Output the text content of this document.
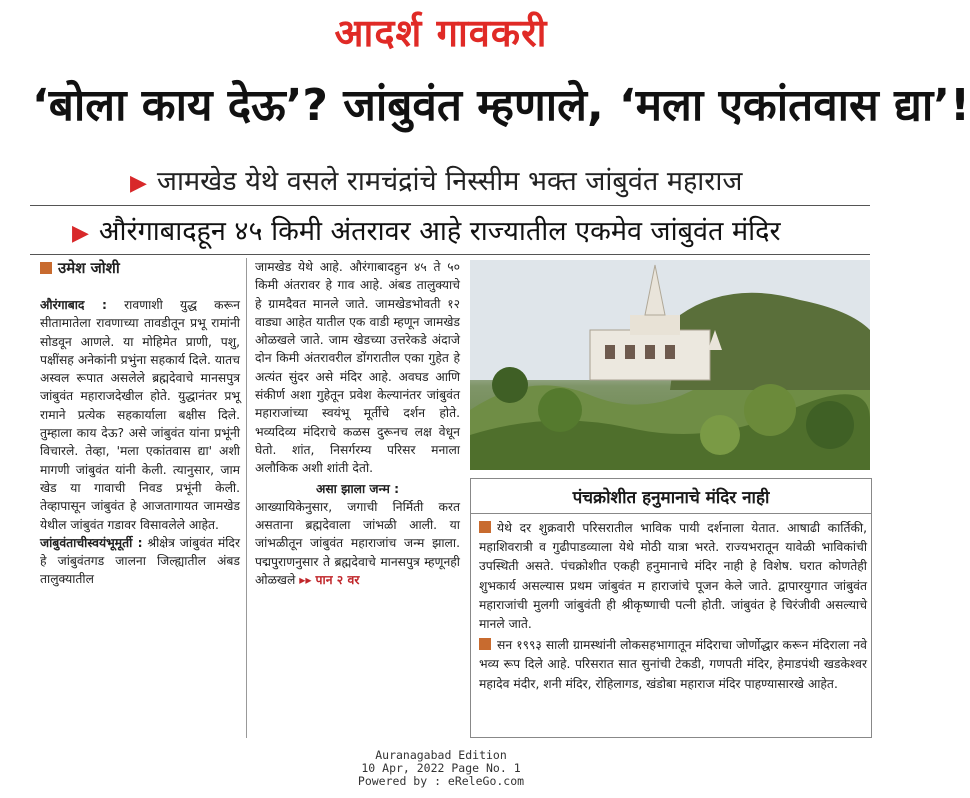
आदर्श गावकरी
‘बोला काय देऊ’? जांबुवंत म्हणाले, ‘मला एकांतवास द्या’!
▶ जामखेड येथे वसले रामचंद्रांचे निस्सीम भक्त जांबुवंत महाराज
▶ औरंगाबादहून ४५ किमी अंतरावर आहे राज्यातील एकमेव जांबुवंत मंदिर
उमेश जोशी

औरंगाबाद : रावणाशी युद्ध करून सीतामातेला रावणाच्या तावडीतून प्रभू रामांनी सोडवून आणले. या मोहिमेत प्राणी, पशु, पक्षींसह अनेकांनी प्रभुंना सहकार्य दिले. यातच अस्वल रूपात असलेले ब्रह्मदेवाचे मानसपुत्र जांबुवंत महाराजदेखील होते. युद्धानंतर प्रभू रामाने प्रत्येक सहकार्याला बक्षीस दिले. तुम्हाला काय देऊ? असे जांबुवंत यांना प्रभूंनी विचारले. तेव्हा, 'मला एकांतवास द्या' अशी मागणी जांबुवंत यांनी केली. त्यानुसार, जाम खेड या गावाची निवड प्रभूंनी केली. तेव्हापासून जांबुवंत हे आजतागायत जामखेड येथील जांबुवंत गडावर विसावलेले आहेत.

जांबुवंताचीस्वयंभूमूर्ती : श्रीक्षेत्र जांबुवंत मंदिर हे जांबुवंतगड जालना जिल्ह्यातील अंबड तालुक्यातील

जामखेड येथे आहे. औरंगाबादहुन ४५ ते ५० किमी अंतरावर हे गाव आहे. अंबड तालुक्याचे हे ग्रामदैवत मानले जाते. जामखेडभोवती १२ वाड्या आहेत यातील एक वाडी म्हणून जामखेड ओळखले जाते. जाम खेडच्या उत्तरेकडे अंदाजे दोन किमी अंतरावरील डोंगरातील एका गुहेत हे अत्यंत सुंदर असे मंदिर आहे. अवघड आणि संकीर्ण अशा गुहेतून प्रवेश केल्यानंतर जांबुवंत महाराजांच्या स्वयंभू मूर्तीचे दर्शन होते. भव्यदिव्य मंदिराचे कळस दुरूनच लक्ष वेधून घेतो. शांत, निसर्गरम्य परिसर मनाला अलौकिक अशी शांती देतो.

असा झाला जन्म :

आख्यायिकेनुसार, जगाची निर्मिती करत असताना ब्रह्मदेवाला जांभळी आली. या जांभळीतून जांबुवंत महाराजांच जन्म झाला. पद्मपुराणनुसार ते ब्रह्मदेवाचे मानसपुत्र म्हणूनही ओळखले ▸▸ पान २ वर

पंचक्रोशीत हनुमानाचे मंदिर नाही

येथे दर शुक्रवारी परिसरातील भाविक पायी दर्शनाला येतात. आषाढी कार्तिकी, महाशिवरात्री व गुढीपाडव्याला येथे मोठी यात्रा भरते. राज्यभरातून यावेळी भाविकांची उपस्थिती असते. पंचक्रोशीत एकही हनुमानाचे मंदिर नाही हे विशेष. घरात कोणतेही शुभकार्य असल्यास प्रथम जांबुवंत म हाराजांचे पूजन केले जाते. द्वापारयुगात जांबुवंत महाराजांची मुलगी जांबुवंती ही श्रीकृष्णाची पत्नी होती. जांबुवंत हे चिरंजीवी असल्याचे मानले जाते.

सन १९९३ साली ग्रामस्थांनी लोकसहभागातून मंदिराचा जोर्णोद्धार करून मंदिराला नवे भव्य रूप दिले आहे. परिसरात सात सुनांची टेकडी, गणपती मंदिर, हेमाडपंथी खडकेश्वर महादेव मंदीर, शनी मंदिर, रोहिलागड, खंडोबा महाराज मंदिर पाहण्यासारखे आहेत.

Auranagabad Edition
10 Apr, 2022 Page No. 1
Powered by : eReleGo.com
